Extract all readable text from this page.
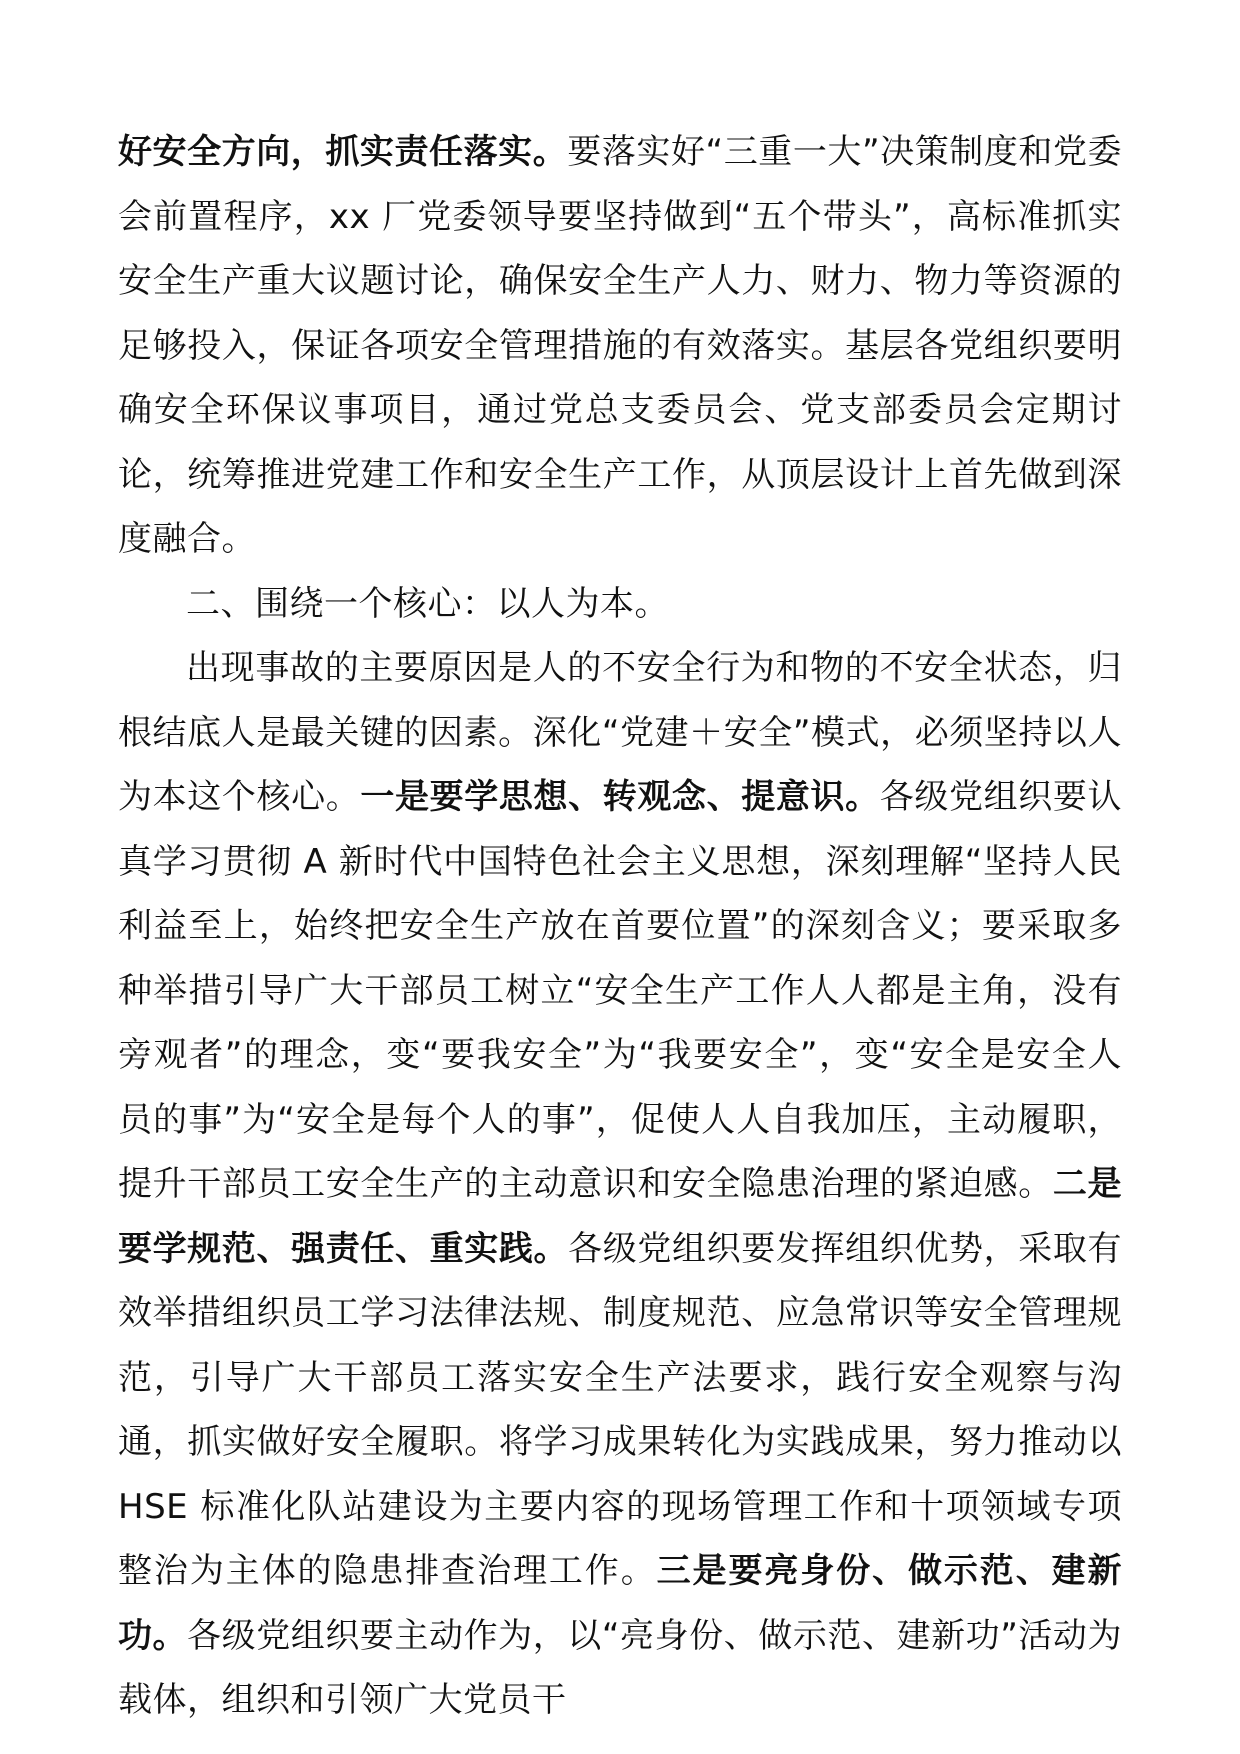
好安全方向，抓实责任落实。要落实好“三重一大”决策制度和党委会前置程序，xx 厂党委领导要坚持做到“五个带头”，高标准抓实安全生产重大议题讨论，确保安全生产人力、财力、物力等资源的足够投入，保证各项安全管理措施的有效落实。基层各党组织要明确安全环保议事项目，通过党总支委员会、党支部委员会定期讨论，统筹推进党建工作和安全生产工作，从顶层设计上首先做到深度融合。

二、围绕一个核心：以人为本。

出现事故的主要原因是人的不安全行为和物的不安全状态，归根结底人是最关键的因素。深化“党建＋安全”模式，必须坚持以人为本这个核心。一是要学思想、转观念、提意识。各级党组织要认真学习贯彻 A 新时代中国特色社会主义思想，深刻理解“坚持人民利益至上，始终把安全生产放在首要位置”的深刻含义；要采取多种举措引导广大干部员工树立“安全生产工作人人都是主角，没有旁观者”的理念，变“要我安全”为“我要安全”，变“安全是安全人员的事”为“安全是每个人的事”，促使人人自我加压，主动履职，提升干部员工安全生产的主动意识和安全隐患治理的紧迫感。二是要学规范、强责任、重实践。各级党组织要发挥组织优势，采取有效举措组织员工学习法律法规、制度规范、应急常识等安全管理规范，引导广大干部员工落实安全生产法要求，践行安全观察与沟通，抓实做好安全履职。将学习成果转化为实践成果，努力推动以 HSE 标准化队站建设为主要内容的现场管理工作和十项领域专项整治为主体的隐患排查治理工作。三是要亮身份、做示范、建新功。各级党组织要主动作为，以“亮身份、做示范、建新功”活动为载体，组织和引领广大党员干
